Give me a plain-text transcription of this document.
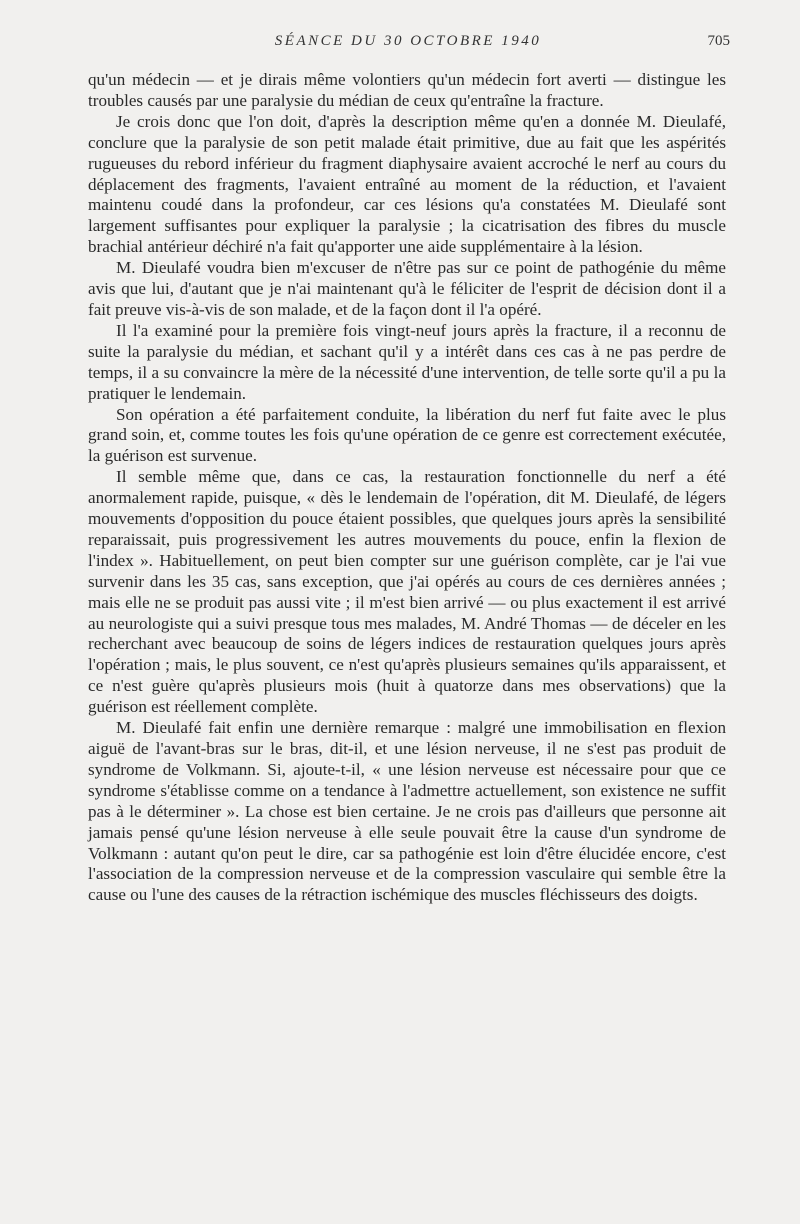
SÉANCE DU 30 OCTOBRE 1940	705

qu'un médecin — et je dirais même volontiers qu'un médecin fort averti — distingue les troubles causés par une paralysie du médian de ceux qu'entraîne la fracture.

Je crois donc que l'on doit, d'après la description même qu'en a donnée M. Dieulafé, conclure que la paralysie de son petit malade était primitive, due au fait que les aspérités rugueuses du rebord inférieur du fragment diaphysaire avaient accroché le nerf au cours du déplacement des fragments, l'avaient entraîné au moment de la réduction, et l'avaient maintenu coudé dans la profondeur, car ces lésions qu'a constatées M. Dieulafé sont largement suffisantes pour expliquer la paralysie ; la cicatrisation des fibres du muscle brachial antérieur déchiré n'a fait qu'apporter une aide supplémentaire à la lésion.

M. Dieulafé voudra bien m'excuser de n'être pas sur ce point de pathogénie du même avis que lui, d'autant que je n'ai maintenant qu'à le féliciter de l'esprit de décision dont il a fait preuve vis-à-vis de son malade, et de la façon dont il l'a opéré.

Il l'a examiné pour la première fois vingt-neuf jours après la fracture, il a reconnu de suite la paralysie du médian, et sachant qu'il y a intérêt dans ces cas à ne pas perdre de temps, il a su convaincre la mère de la nécessité d'une intervention, de telle sorte qu'il a pu la pratiquer le lendemain.

Son opération a été parfaitement conduite, la libération du nerf fut faite avec le plus grand soin, et, comme toutes les fois qu'une opération de ce genre est correctement exécutée, la guérison est survenue.

Il semble même que, dans ce cas, la restauration fonctionnelle du nerf a été anormalement rapide, puisque, « dès le lendemain de l'opération, dit M. Dieulafé, de légers mouvements d'opposition du pouce étaient possibles, que quelques jours après la sensibilité reparaissait, puis progressivement les autres mouvements du pouce, enfin la flexion de l'index ». Habituellement, on peut bien compter sur une guérison complète, car je l'ai vue survenir dans les 35 cas, sans exception, que j'ai opérés au cours de ces dernières années ; mais elle ne se produit pas aussi vite ; il m'est bien arrivé — ou plus exactement il est arrivé au neurologiste qui a suivi presque tous mes malades, M. André Thomas — de déceler en les recherchant avec beaucoup de soins de légers indices de restauration quelques jours après l'opération ; mais, le plus souvent, ce n'est qu'après plusieurs semaines qu'ils apparaissent, et ce n'est guère qu'après plusieurs mois (huit à quatorze dans mes observations) que la guérison est réellement complète.

M. Dieulafé fait enfin une dernière remarque : malgré une immobilisation en flexion aiguë de l'avant-bras sur le bras, dit-il, et une lésion nerveuse, il ne s'est pas produit de syndrome de Volkmann. Si, ajoute-t-il, « une lésion nerveuse est nécessaire pour que ce syndrome s'établisse comme on a tendance à l'admettre actuellement, son existence ne suffit pas à le déterminer ». La chose est bien certaine. Je ne crois pas d'ailleurs que personne ait jamais pensé qu'une lésion nerveuse à elle seule pouvait être la cause d'un syndrome de Volkmann : autant qu'on peut le dire, car sa pathogénie est loin d'être élucidée encore, c'est l'association de la compression nerveuse et de la compression vasculaire qui semble être la cause ou l'une des causes de la rétraction ischémique des muscles fléchisseurs des doigts.
